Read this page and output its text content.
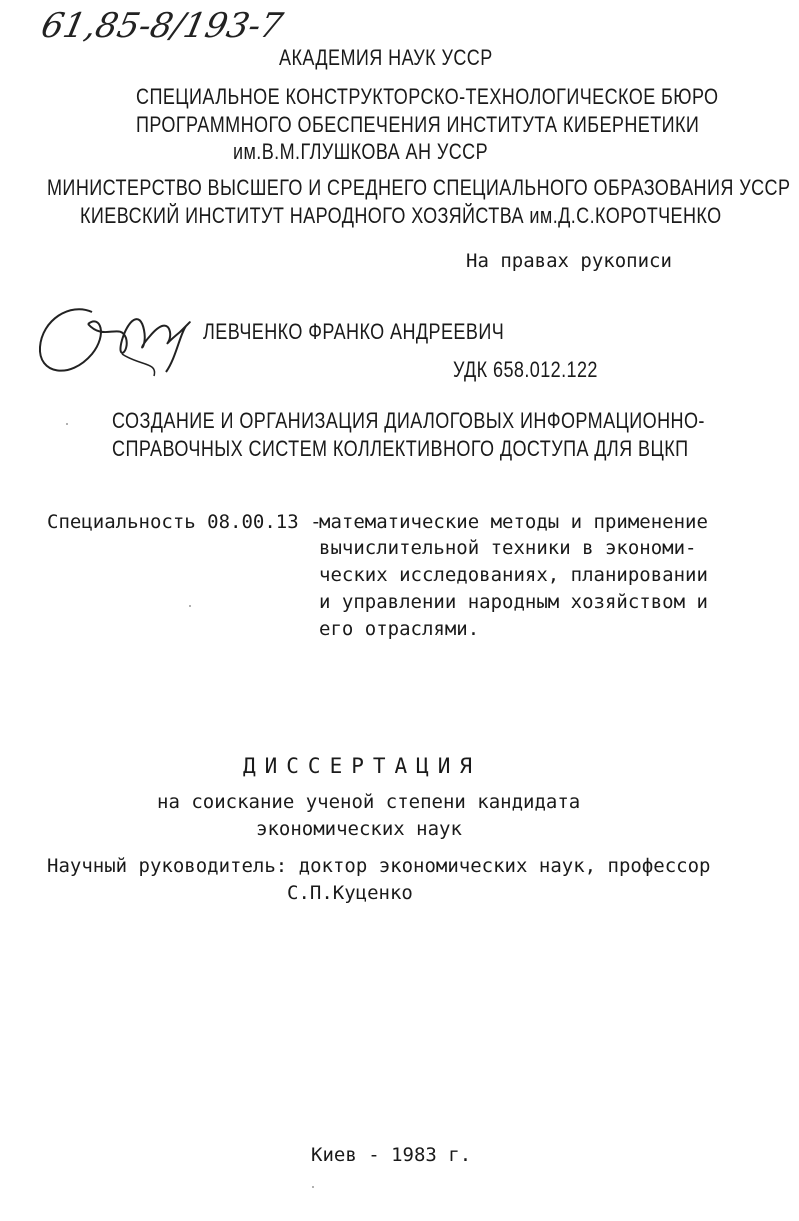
61,85-8/193-7
АКАДЕМИЯ НАУК УССР
СПЕЦИАЛЬНОЕ КОНСТРУКТОРСКО-ТЕХНОЛОГИЧЕСКОЕ БЮРО
ПРОГРАММНОГО ОБЕСПЕЧЕНИЯ ИНСТИТУТА КИБЕРНЕТИКИ
им.В.М.ГЛУШКОВА АН УССР
МИНИСТЕРСТВО ВЫСШЕГО И СРЕДНЕГО СПЕЦИАЛЬНОГО ОБРАЗОВАНИЯ УССР
КИЕВСКИЙ ИНСТИТУТ НАРОДНОГО ХОЗЯЙСТВА им.Д.С.КОРОТЧЕНКО
На правах рукописи
ЛЕВЧЕНКО ФРАНКО АНДРЕЕВИЧ
УДК 658.012.122
СОЗДАНИЕ И ОРГАНИЗАЦИЯ ДИАЛОГОВЫХ ИНФОРМАЦИОННО-
СПРАВОЧНЫХ СИСТЕМ КОЛЛЕКТИВНОГО ДОСТУПА ДЛЯ ВЦКП
Специальность 08.00.13 -
математические методы и применение
вычислительной техники в экономи-
ческих исследованиях, планировании
и управлении народным хозяйством и
его отраслями.
ДИССЕРТАЦИЯ
на соискание ученой степени кандидата
экономических наук
Научный руководитель: доктор экономических наук, профессор
С.П.Куценко
Киев - 1983 г.
